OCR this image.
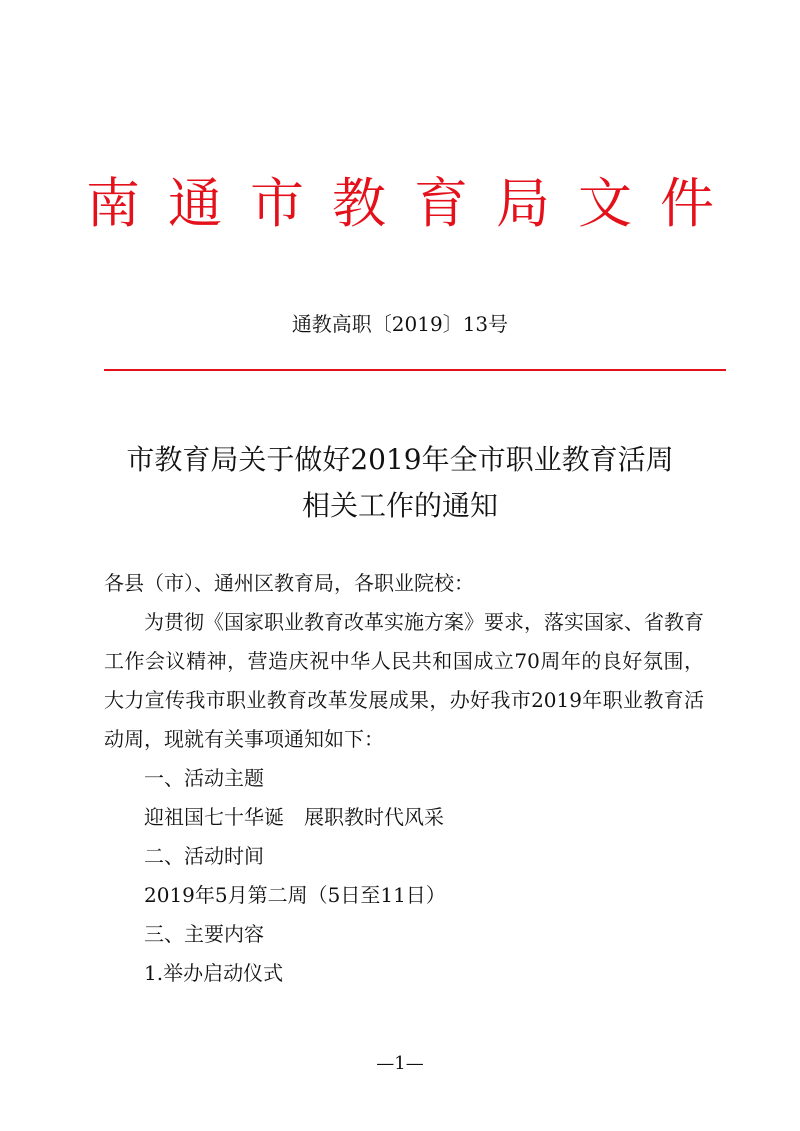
南通市教育局文件
通教高职〔2019〕13号
市教育局关于做好2019年全市职业教育活周
相关工作的通知

各县（市）、通州区教育局，各职业院校：

为贯彻《国家职业教育改革实施方案》要求，落实国家、省教育工作会议精神，营造庆祝中华人民共和国成立70周年的良好氛围，大力宣传我市职业教育改革发展成果，办好我市2019年职业教育活动周，现就有关事项通知如下：

一、活动主题

迎祖国七十华诞　展职教时代风采

二、活动时间

2019年5月第二周（5日至11日）

三、主要内容

1.举办启动仪式

—1—
